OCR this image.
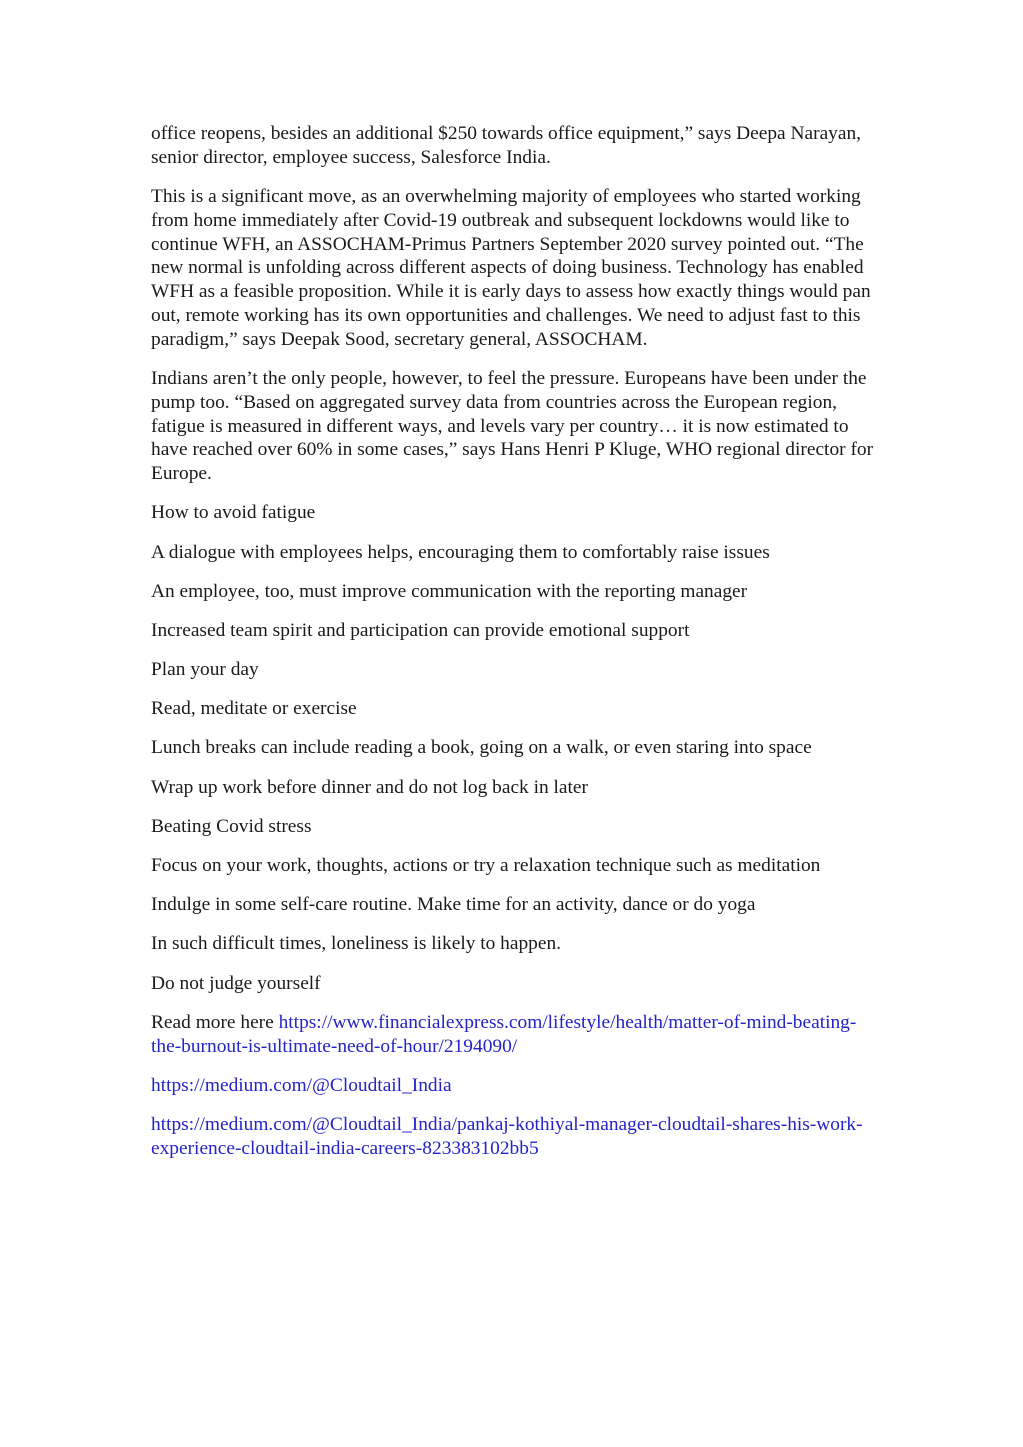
office reopens, besides an additional $250 towards office equipment,” says Deepa Narayan, senior director, employee success, Salesforce India.

This is a significant move, as an overwhelming majority of employees who started working from home immediately after Covid-19 outbreak and subsequent lockdowns would like to continue WFH, an ASSOCHAM-Primus Partners September 2020 survey pointed out. “The new normal is unfolding across different aspects of doing business. Technology has enabled WFH as a feasible proposition. While it is early days to assess how exactly things would pan out, remote working has its own opportunities and challenges. We need to adjust fast to this paradigm,” says Deepak Sood, secretary general, ASSOCHAM.

Indians aren’t the only people, however, to feel the pressure. Europeans have been under the pump too. “Based on aggregated survey data from countries across the European region, fatigue is measured in different ways, and levels vary per country… it is now estimated to have reached over 60% in some cases,” says Hans Henri P Kluge, WHO regional director for Europe.

How to avoid fatigue

A dialogue with employees helps, encouraging them to comfortably raise issues

An employee, too, must improve communication with the reporting manager

Increased team spirit and participation can provide emotional support

Plan your day

Read, meditate or exercise

Lunch breaks can include reading a book, going on a walk, or even staring into space

Wrap up work before dinner and do not log back in later

Beating Covid stress

Focus on your work, thoughts, actions or try a relaxation technique such as meditation

Indulge in some self-care routine. Make time for an activity, dance or do yoga

In such difficult times, loneliness is likely to happen.

Do not judge yourself

Read more here https://www.financialexpress.com/lifestyle/health/matter-of-mind-beating-the-burnout-is-ultimate-need-of-hour/2194090/

https://medium.com/@Cloudtail_India

https://medium.com/@Cloudtail_India/pankaj-kothiyal-manager-cloudtail-shares-his-work-experience-cloudtail-india-careers-823383102bb5
